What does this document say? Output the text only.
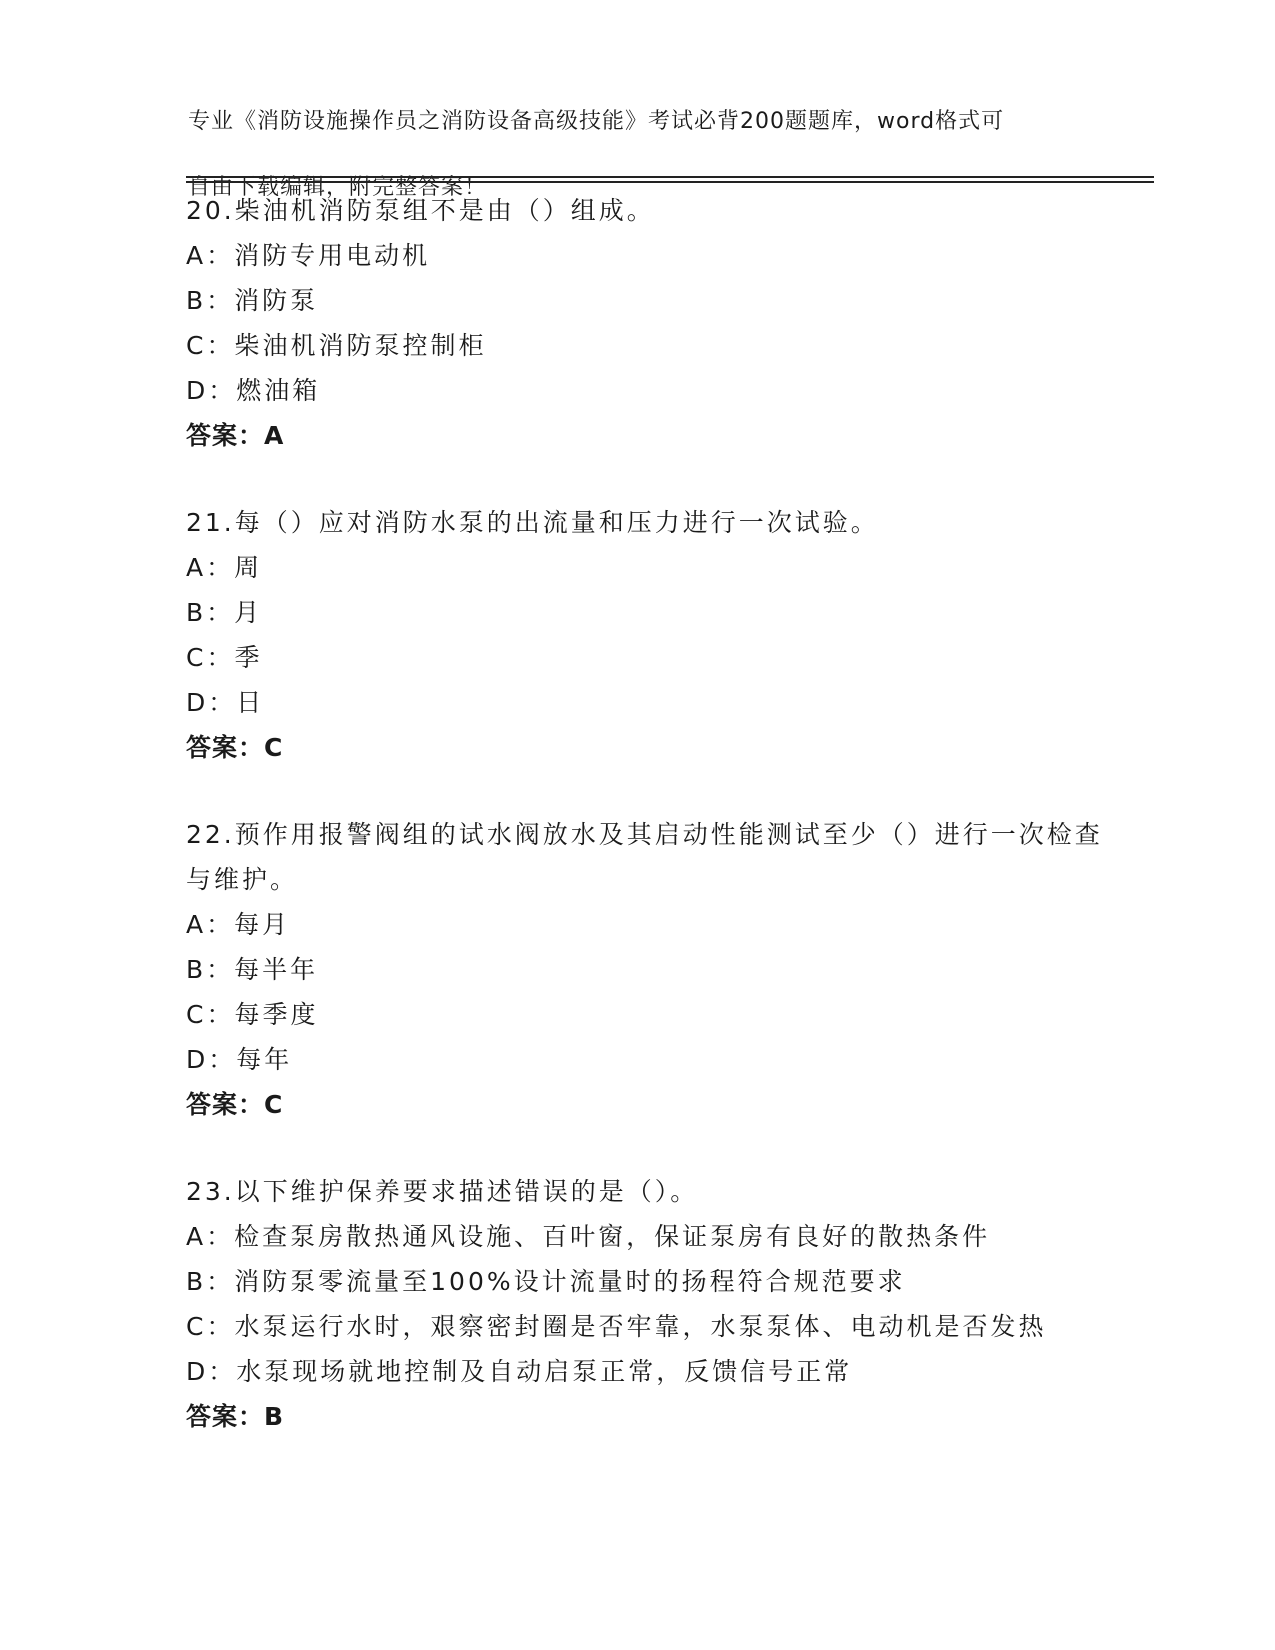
专业《消防设施操作员之消防设备高级技能》考试必背200题题库，word格式可

自由下载编辑，附完整答案！

20.柴油机消防泵组不是由（）组成。
A：消防专用电动机
B：消防泵
C：柴油机消防泵控制柜
D：燃油箱
答案：A
21.每（）应对消防水泵的出流量和压力进行一次试验。
A：周
B：月
C：季
D：日
答案：C
22.预作用报警阀组的试水阀放水及其启动性能测试至少（）进行一次检查与维护。
A：每月
B：每半年
C：每季度
D：每年
答案：C
23.以下维护保养要求描述错误的是（）。
A：检查泵房散热通风设施、百叶窗，保证泵房有良好的散热条件
B：消防泵零流量至100%设计流量时的扬程符合规范要求
C：水泵运行水时，艰察密封圈是否牢靠，水泵泵体、电动机是否发热
D：水泵现场就地控制及自动启泵正常，反馈信号正常
答案：B
